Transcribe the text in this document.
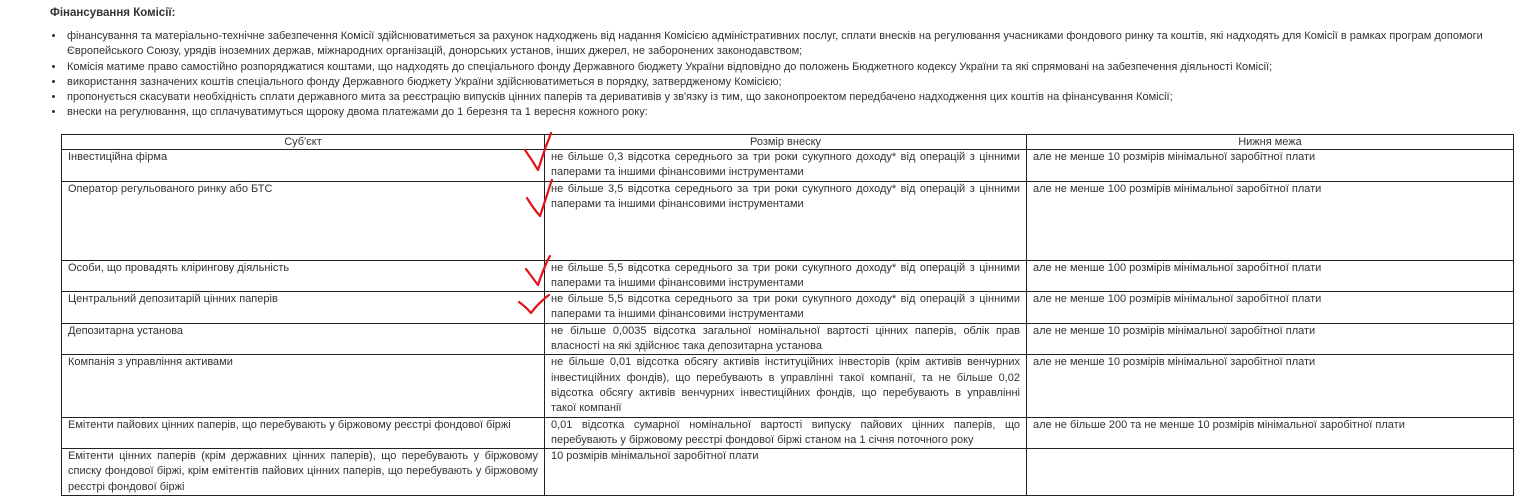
Фінансування Комісії:
• фінансування та матеріально-технічне забезпечення Комісії здійснюватиметься за рахунок надходжень від надання Комісією адміністративних послуг, сплати внесків на регулювання учасниками фондового ринку та коштів, які надходять для Комісії в рамках програм допомоги Європейського Союзу, урядів іноземних держав, міжнародних організацій, донорських установ, інших джерел, не заборонених законодавством;
• Комісія матиме право самостійно розпоряджатися коштами, що надходять до спеціального фонду Державного бюджету України відповідно до положень Бюджетного кодексу України та які спрямовані на забезпечення діяльності Комісії;
• використання зазначених коштів спеціального фонду Державного бюджету України здійснюватиметься в порядку, затвердженому Комісією;
• пропонується скасувати необхідність сплати державного мита за реєстрацію випусків цінних паперів та деривативів у зв'язку із тим, що законопроектом передбачено надходження цих коштів на фінансування Комісії;
• внески на регулювання, що сплачуватимуться щороку двома платежами до 1 березня та 1 вересня кожного року:
Суб'єкт	Розмір внеску	Нижня межа
Інвестиційна фірма	не більше 0,3 відсотка середнього за три роки сукупного доходу* від операцій з цінними паперами та іншими фінансовими інструментами	але не менше 10 розмірів мінімальної заробітної плати
Оператор регульованого ринку або БТС	не більше 3,5 відсотка середнього за три роки сукупного доходу* від операцій з цінними паперами та іншими фінансовими інструментами	але не менше 100 розмірів мінімальної заробітної плати
Особи, що провадять клірингову діяльність	не більше 5,5 відсотка середнього за три роки сукупного доходу* від операцій з цінними паперами та іншими фінансовими інструментами	але не менше 100 розмірів мінімальної заробітної плати
Центральний депозитарій цінних паперів	не більше 5,5 відсотка середнього за три роки сукупного доходу* від операцій з цінними паперами та іншими фінансовими інструментами	але не менше 100 розмірів мінімальної заробітної плати
Депозитарна установа	не більше 0,0035 відсотка загальної номінальної вартості цінних паперів, облік прав власності на які здійснює така депозитарна установа	але не менше 10 розмірів мінімальної заробітної плати
Компанія з управління активами	не більше 0,01 відсотка обсягу активів інституційних інвесторів (крім активів венчурних інвестиційних фондів), що перебувають в управлінні такої компанії, та не більше 0,02 відсотка обсягу активів венчурних інвестиційних фондів, що перебувають в управлінні такої компанії	але не менше 10 розмірів мінімальної заробітної плати
Емітенти пайових цінних паперів, що перебувають у біржовому реєстрі фондової біржі	0,01 відсотка сумарної номінальної вартості випуску пайових цінних паперів, що перебувають у біржовому реєстрі фондової біржі станом на 1 січня поточного року	але не більше 200 та не менше 10 розмірів мінімальної заробітної плати
Емітенти цінних паперів (крім державних цінних паперів), що перебувають у біржовому списку фондової біржі, крім емітентів пайових цінних паперів, що перебувають у біржовому реєстрі фондової біржі	10 розмірів мінімальної заробітної плати	
